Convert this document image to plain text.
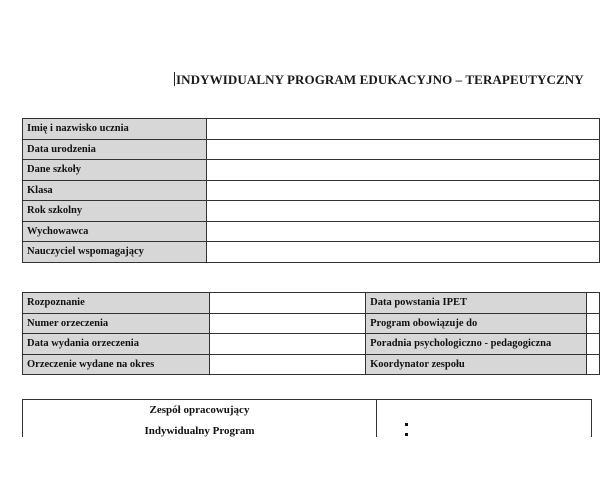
INDYWIDUALNY PROGRAM EDUKACYJNO – TERAPEUTYCZNY
Imię i nazwisko ucznia	
Data urodzenia	
Dane szkoły	
Klasa	
Rok szkolny	
Wychowawca	
Nauczyciel wspomagający	
Rozpoznanie		Data powstania IPET	
Numer orzeczenia		Program obowiązuje do	
Data wydania orzeczenia		Poradnia psychologiczno - pedagogiczna	
Orzeczenie wydane na okres		Koordynator zespołu	
Zespół opracowujący
Indywidualny Program
